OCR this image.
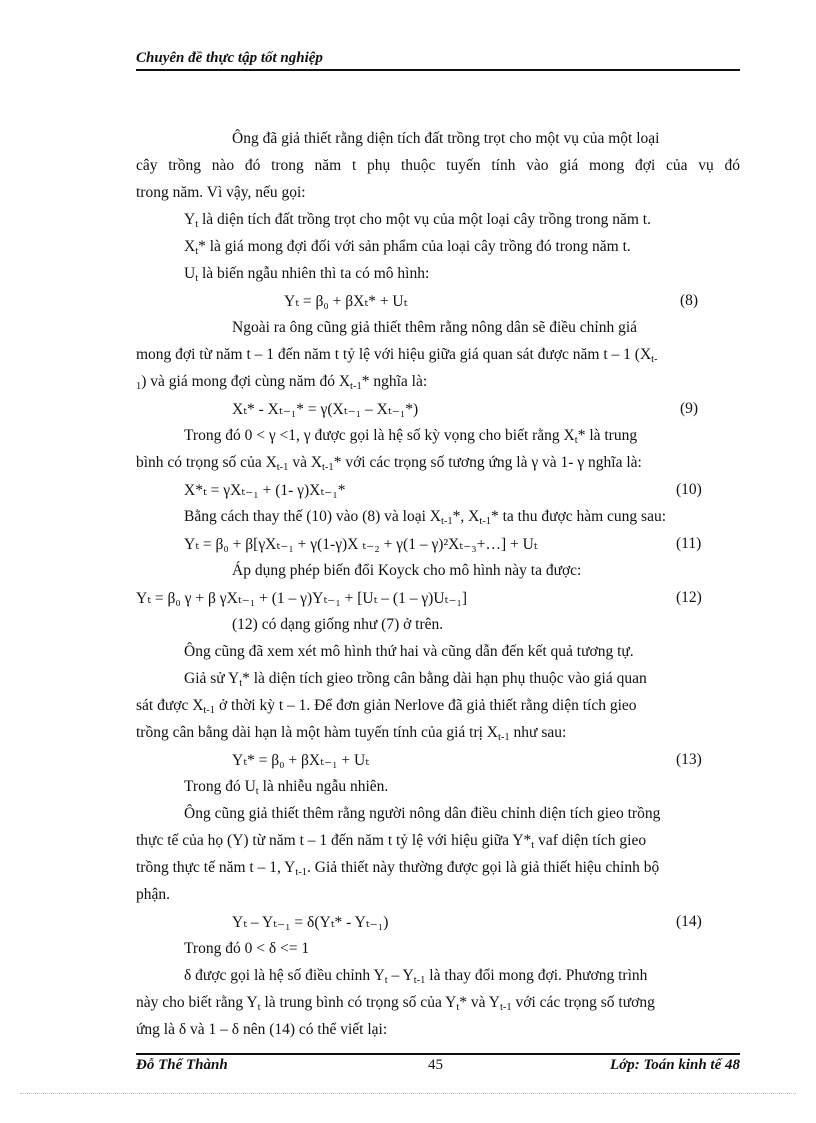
Chuyên đề thực tập tốt nghiệp
Ông đã giả thiết rằng diện tích đất trồng trọt cho một vụ của một loại
cây trồng nào đó trong năm t phụ thuộc tuyến tính vào giá mong đợi của vụ đó
trong năm. Vì vậy, nếu gọi:
$Y_t$ là diện tích đất trồng trọt cho một vụ của một loại cây trồng trong năm t.
$X_t*$ là giá mong đợi đối với sản phẩm của loại cây trồng đó trong năm t.
$U_t$ là biến ngẫu nhiên thì ta có mô hình:
Yₜ = β₀ + βXₜ* + Uₜ	(8)
Ngoài ra ông cũng giả thiết thêm rằng nông dân sẽ điều chỉnh giá
mong đợi từ năm t – 1 đến năm t tỷ lệ với hiệu giữa giá quan sát được năm t – 1 ($X_{t-}$
$_1$) và giá mong đợi cùng năm đó $X_{t-1}*$ nghĩa là:
Xₜ* - Xₜ₋₁* = γ(Xₜ₋₁ – Xₜ₋₁*)	(9)
Trong đó 0 < γ <1, γ được gọi là hệ số kỳ vọng cho biết rằng $X_t*$ là trung
bình có trọng số của $X_{t-1}$ và $X_{t-1}*$ với các trọng số tương ứng là γ và 1- γ nghĩa là:
X*ₜ = γXₜ₋₁ + (1- γ)Xₜ₋₁*	(10)
Bằng cách thay thế (10) vào (8) và loại $X_{t-1}*$, $X_{t-1}*$ ta thu được hàm cung sau:
Yₜ = β₀ + β[γXₜ₋₁ + γ(1-γ)X ₜ₋₂ + γ(1 – γ)²Xₜ₋₃+…] + Uₜ	(11)
Áp dụng phép biến đổi Koyck cho mô hình này ta được:
Yₜ = β₀ γ + β γXₜ₋₁ + (1 – γ)Yₜ₋₁ + [Uₜ – (1 – γ)Uₜ₋₁]	(12)
(12) có dạng giống như (7) ở trên.
Ông cũng đã xem xét mô hình thứ hai và cũng dẫn đến kết quả tương tự.
Giả sử $Y_t*$ là diện tích gieo trồng cân bằng dài hạn phụ thuộc vào giá quan
sát được $X_{t-1}$ ở thời kỳ t – 1. Để đơn giản Nerlove đã giả thiết rằng diện tích gieo
trồng cân bằng dài hạn là một hàm tuyến tính của giá trị $X_{t-1}$ như sau:
Yₜ* = β₀ + βXₜ₋₁ + Uₜ	(13)
Trong đó $U_t$ là nhiễu ngẫu nhiên.
Ông cũng giả thiết thêm rằng người nông dân điều chỉnh diện tích gieo trồng
thực tế của họ (Y) từ năm t – 1 đến năm t tỷ lệ với hiệu giữa $Y*_t$ vaf diện tích gieo
trồng thực tế năm t – 1, $Y_{t-1}$. Giả thiết này thường được gọi là giả thiết hiệu chỉnh bộ
phận.
Yₜ – Yₜ₋₁ = δ(Yₜ* - Yₜ₋₁)	(14)
Trong đó 0 < δ <= 1
δ được gọi là hệ số điều chỉnh $Y_t - Y_{t-1}$ là thay đổi mong đợi. Phương trình
này cho biết rằng $Y_t$ là trung bình có trọng số của $Y_t*$ và $Y_{t-1}$ với các trọng số tương
ứng là δ và 1 – δ nên (14) có thể viết lại:
Đỗ Thế Thành	45	Lớp: Toán kinh tế 48
